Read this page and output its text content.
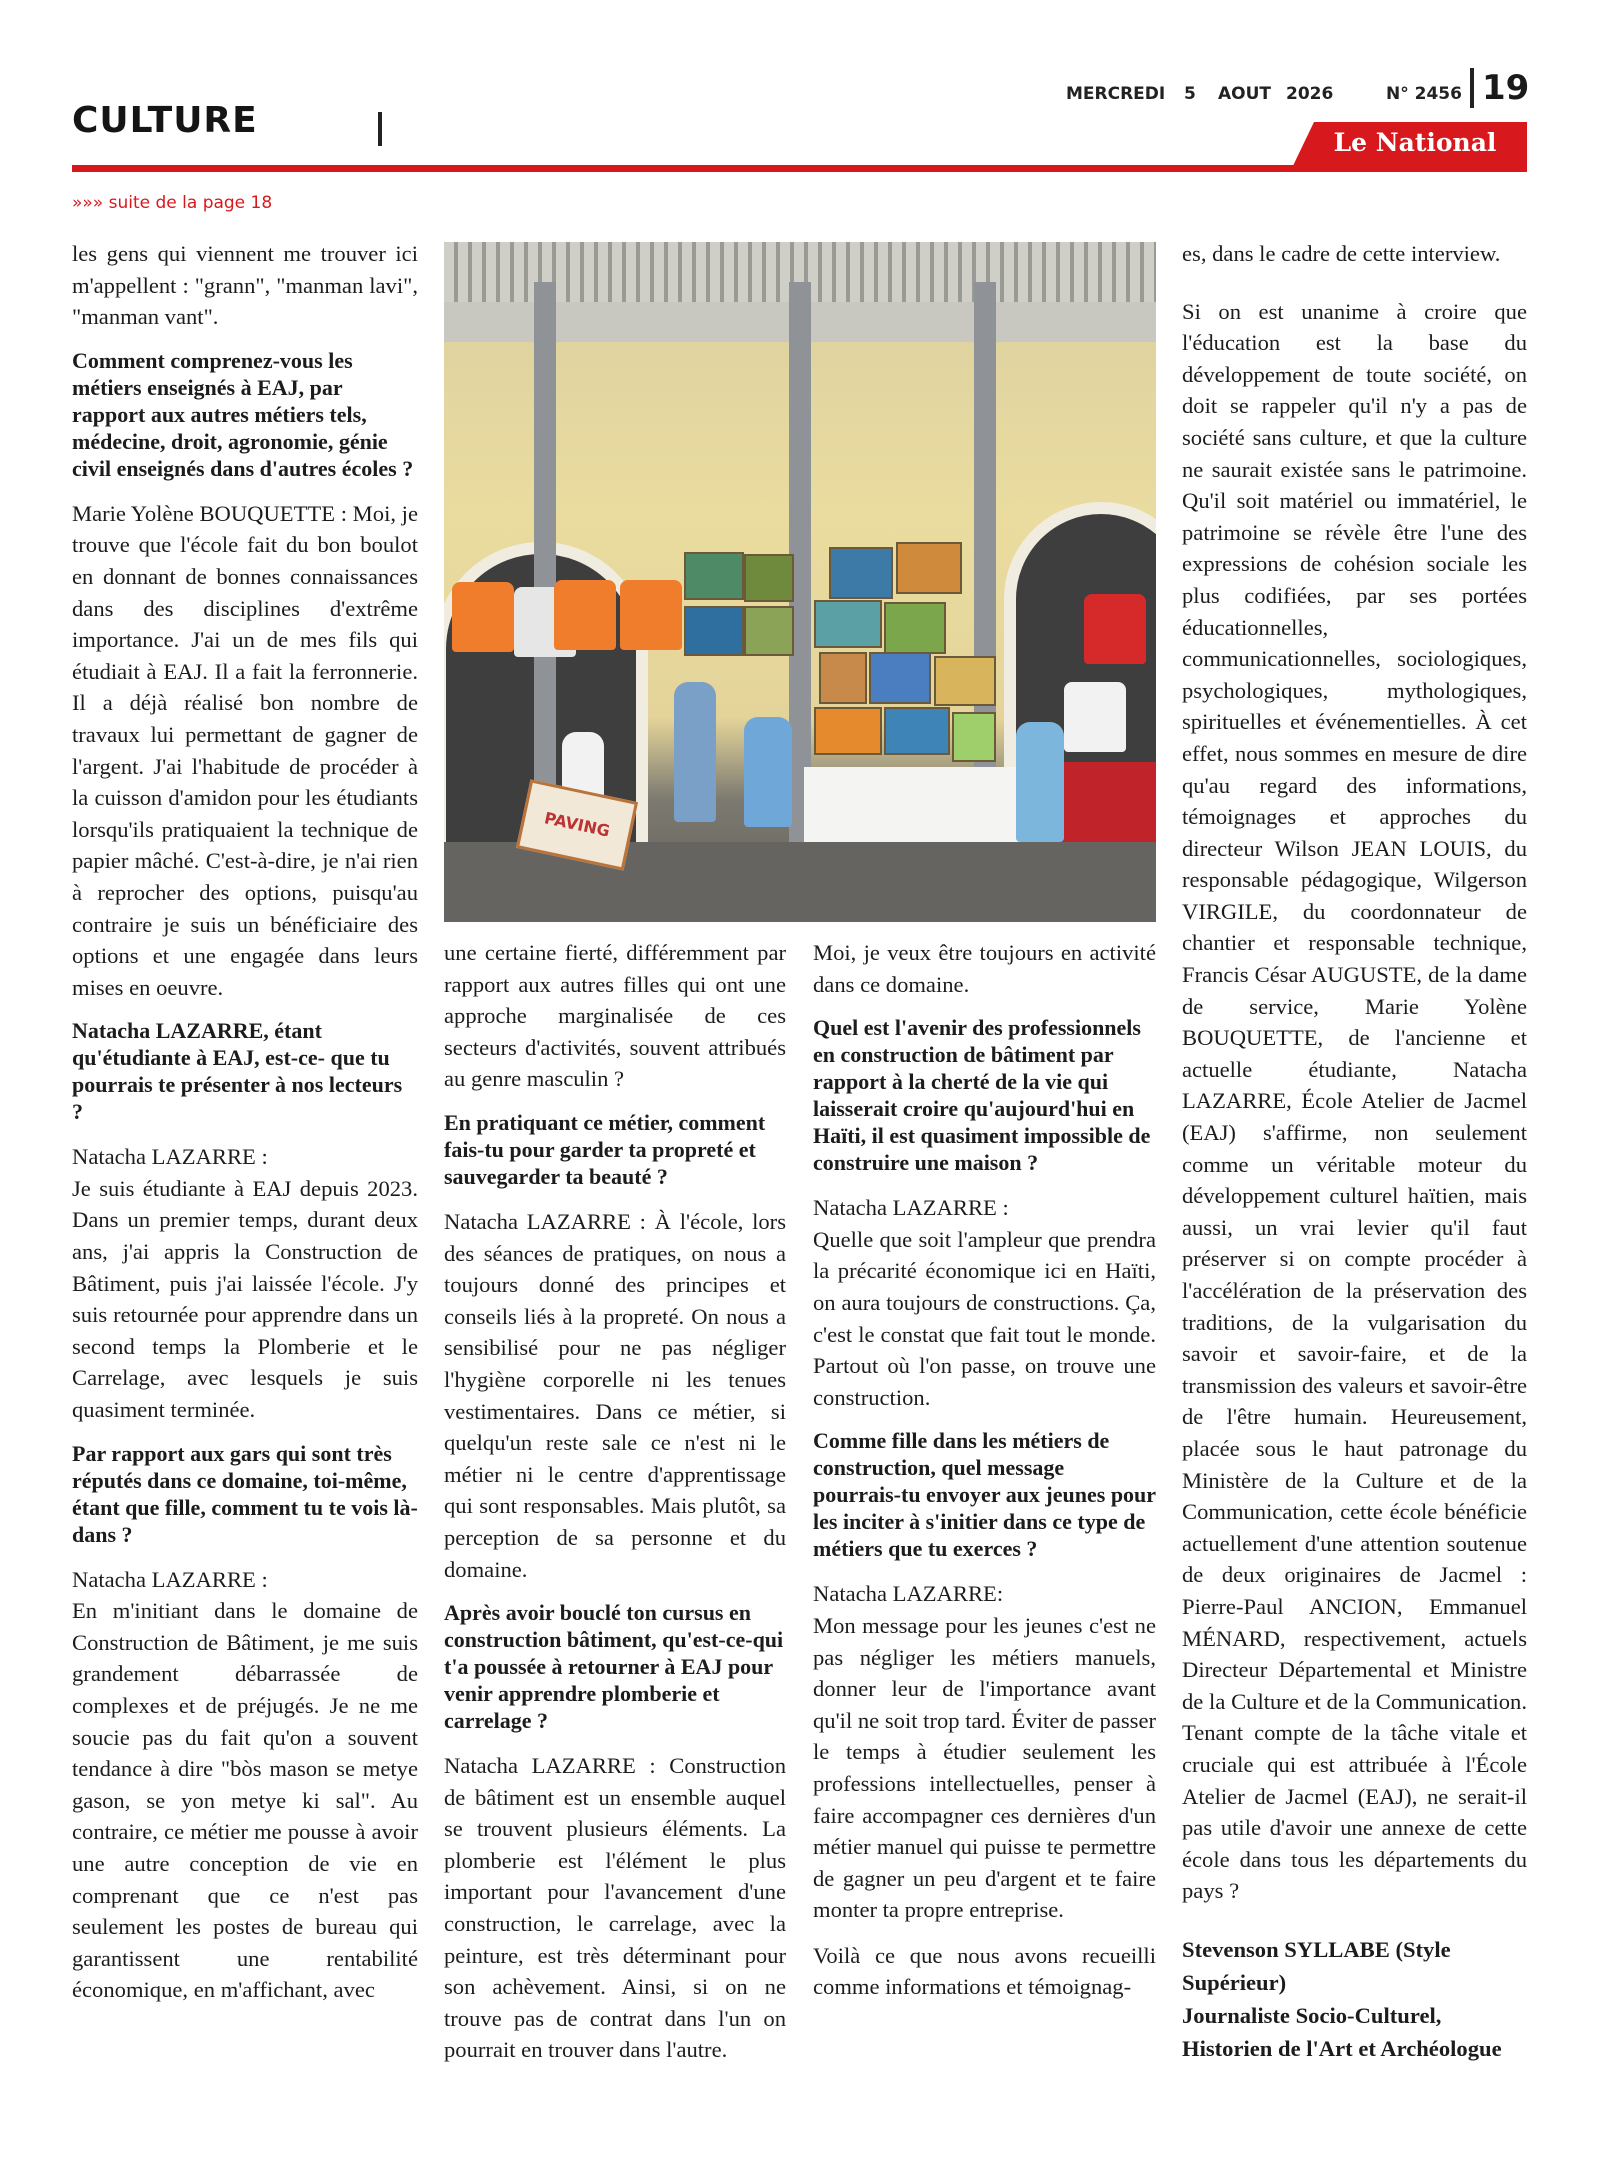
CULTURE
MERCREDI 5 AOUT 2026	N° 2456 19
Le National
»»» suite de la page 18
PAVING

les gens qui viennent me trouver ici m'appellent : "grann", "manman lavi", "manman vant".

Comment comprenez-vous les métiers enseignés à EAJ, par rapport aux autres métiers tels, médecine, droit, agronomie, génie civil enseignés dans d'autres écoles ?

Marie Yolène BOUQUETTE : Moi, je trouve que l'école fait du bon boulot en donnant de bonnes connaissances dans des disciplines d'extrême importance. J'ai un de mes fils qui étudiait à EAJ. Il a fait la ferronnerie. Il a déjà réalisé bon nombre de travaux lui permettant de gagner de l'argent. J'ai l'habitude de procéder à la cuisson d'amidon pour les étudiants lorsqu'ils pratiquaient la technique de papier mâché. C'est-à-dire, je n'ai rien à reprocher des options, puisqu'au contraire je suis un bénéficiaire des options et une engagée dans leurs mises en oeuvre.

Natacha LAZARRE, étant qu'étudiante à EAJ, est-ce- que tu pourrais te présenter à nos lecteurs ?

Natacha LAZARRE :

Je suis étudiante à EAJ depuis 2023. Dans un premier temps, durant deux ans, j'ai appris la Construction de Bâtiment, puis j'ai laissée l'école. J'y suis retournée pour apprendre dans un second temps la Plomberie et le Carrelage, avec lesquels je suis quasiment terminée.

Par rapport aux gars qui sont très réputés dans ce domaine, toi-même, étant que fille, comment tu te vois là-dans ?

Natacha LAZARRE :

En m'initiant dans le domaine de Construction de Bâtiment, je me suis grandement débarrassée de complexes et de préjugés. Je ne me soucie pas du fait qu'on a souvent tendance à dire "bòs mason se metye gason, se yon metye ki sal". Au contraire, ce métier me pousse à avoir une autre conception de vie en comprenant que ce n'est pas seulement les postes de bureau qui garantissent une rentabilité économique, en m'affichant, avec

une certaine fierté, différemment par rapport aux autres filles qui ont une approche marginalisée de ces secteurs d'activités, souvent attribués au genre masculin ?

En pratiquant ce métier, comment fais-tu pour garder ta propreté et sauvegarder ta beauté ?

Natacha LAZARRE : À l'école, lors des séances de pratiques, on nous a toujours donné des principes et conseils liés à la propreté. On nous a sensibilisé pour ne pas négliger l'hygiène corporelle ni les tenues vestimentaires. Dans ce métier, si quelqu'un reste sale ce n'est ni le métier ni le centre d'apprentissage qui sont responsables. Mais plutôt, sa perception de sa personne et du domaine.

Après avoir bouclé ton cursus en construction bâtiment, qu'est-ce-qui t'a poussée à retourner à EAJ pour venir apprendre plomberie et carrelage ?

Natacha LAZARRE : Construction de bâtiment est un ensemble auquel se trouvent plusieurs éléments. La plomberie est l'élément le plus important pour l'avancement d'une construction, le carrelage, avec la peinture, est très déterminant pour son achèvement. Ainsi, si on ne trouve pas de contrat dans l'un on pourrait en trouver dans l'autre.

Moi, je veux être toujours en activité dans ce domaine.

Quel est l'avenir des professionnels en construction de bâtiment par rapport à la cherté de la vie qui laisserait croire qu'aujourd'hui en Haïti, il est quasiment impossible de construire une maison ?

Natacha LAZARRE :

Quelle que soit l'ampleur que prendra la précarité économique ici en Haïti, on aura toujours de constructions. Ça, c'est le constat que fait tout le monde. Partout où l'on passe, on trouve une construction.

Comme fille dans les métiers de construction, quel message pourrais-tu envoyer aux jeunes pour les inciter à s'initier dans ce type de métiers que tu exerces ?

Natacha LAZARRE:

Mon message pour les jeunes c'est ne pas négliger les métiers manuels, donner leur de l'importance avant qu'il ne soit trop tard. Éviter de passer le temps à étudier seulement les professions intellectuelles, penser à faire accompagner ces dernières d'un métier manuel qui puisse te permettre de gagner un peu d'argent et te faire monter ta propre entreprise.

Voilà ce que nous avons recueilli comme informations et témoignag-

es, dans le cadre de cette interview.

Si on est unanime à croire que l'éducation est la base du développement de toute société, on doit se rappeler qu'il n'y a pas de société sans culture, et que la culture ne saurait existée sans le patrimoine. Qu'il soit matériel ou immatériel, le patrimoine se révèle être l'une des expressions de cohésion sociale les plus codifiées, par ses portées éducationnelles, communicationnelles, sociologiques, psychologiques, mythologiques, spirituelles et événementielles. À cet effet, nous sommes en mesure de dire qu'au regard des informations, témoignages et approches du directeur Wilson JEAN LOUIS, du responsable pédagogique, Wilgerson VIRGILE, du coordonnateur de chantier et responsable technique, Francis César AUGUSTE, de la dame de service, Marie Yolène BOUQUETTE, de l'ancienne et actuelle étudiante, Natacha LAZARRE, École Atelier de Jacmel (EAJ) s'affirme, non seulement comme un véritable moteur du développement culturel haïtien, mais aussi, un vrai levier qu'il faut préserver si on compte procéder à l'accélération de la préservation des traditions, de la vulgarisation du savoir et savoir-faire, et de la transmission des valeurs et savoir-être de l'être humain. Heureusement, placée sous le haut patronage du Ministère de la Culture et de la Communication, cette école bénéficie actuellement d'une attention soutenue de deux originaires de Jacmel : Pierre-Paul ANCION, Emmanuel MÉNARD, respectivement, actuels Directeur Départemental et Ministre de la Culture et de la Communication. Tenant compte de la tâche vitale et cruciale qui est attribuée à l'École Atelier de Jacmel (EAJ), ne serait-il pas utile d'avoir une annexe de cette école dans tous les départements du pays ?

Stevenson SYLLABE (Style Supérieur)

Journaliste Socio-Culturel, Historien de l'Art et Archéologue
